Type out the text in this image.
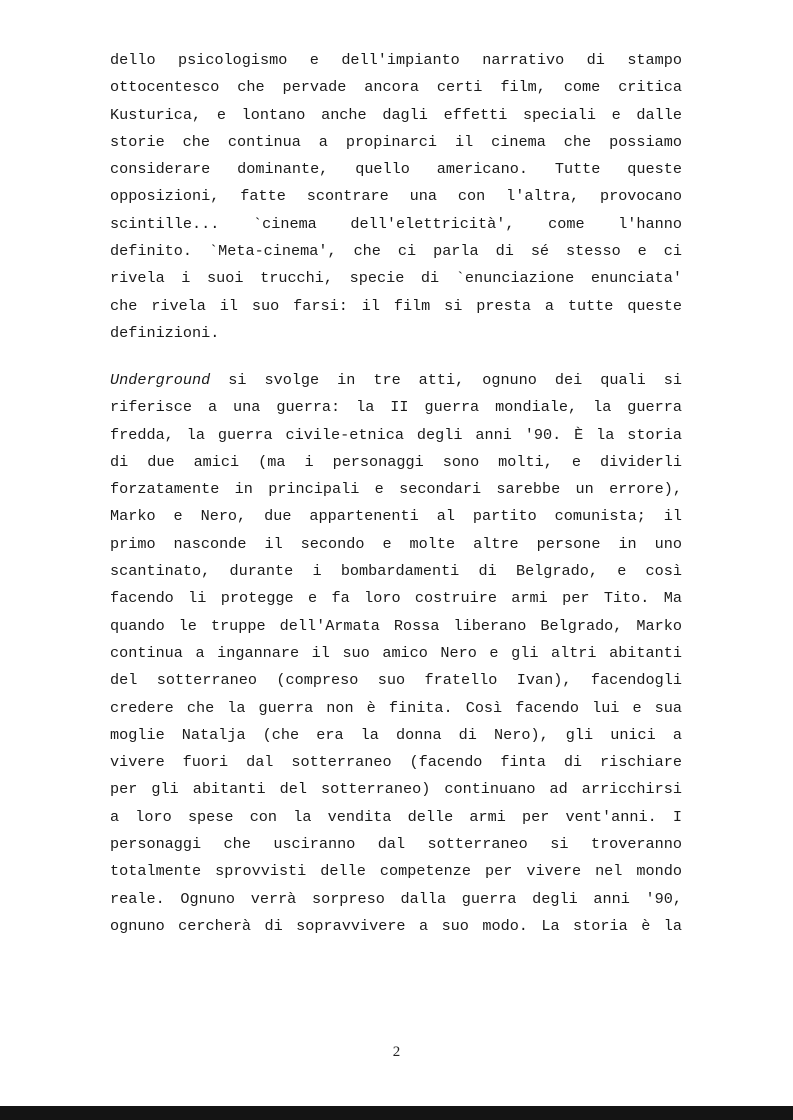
dello psicologismo e dell'impianto narrativo di stampo
ottocentesco che pervade ancora certi film, come critica
Kusturica, e lontano anche dagli effetti speciali e dalle
storie che continua a propinarci il cinema che possiamo
considerare dominante, quello americano. Tutte queste
opposizioni, fatte scontrare una con l'altra, provocano
scintille... `cinema dell'elettricità', come l'hanno
definito. `Meta-cinema', che ci parla di sé stesso e ci
rivela i suoi trucchi, specie di `enunciazione enunciata'
che rivela il suo farsi: il film si presta a tutte queste
definizioni.
Underground si svolge in tre atti, ognuno dei quali si
riferisce a una guerra: la II guerra mondiale, la guerra
fredda, la guerra civile-etnica degli anni '90. È la storia
di due amici (ma i personaggi sono molti, e dividerli
forzatamente in principali e secondari sarebbe un errore),
Marko e Nero, due appartenenti al partito comunista; il
primo nasconde il secondo e molte altre persone in uno
scantinato, durante i bombardamenti di Belgrado, e così
facendo li protegge e fa loro costruire armi per Tito. Ma
quando le truppe dell'Armata Rossa liberano Belgrado, Marko
continua a ingannare il suo amico Nero e gli altri abitanti
del sotterraneo (compreso suo fratello Ivan), facendogli
credere che la guerra non è finita. Così facendo lui e sua
moglie Natalja (che era la donna di Nero), gli unici a
vivere fuori dal sotterraneo (facendo finta di rischiare
per gli abitanti del sotterraneo) continuano ad arricchirsi
a loro spese con la vendita delle armi per vent'anni. I
personaggi che usciranno dal sotterraneo si troveranno
totalmente sprovvisti delle competenze per vivere nel mondo
reale. Ognuno verrà sorpreso dalla guerra degli anni '90,
ognuno cercherà di sopravvivere a suo modo. La storia è la
2
